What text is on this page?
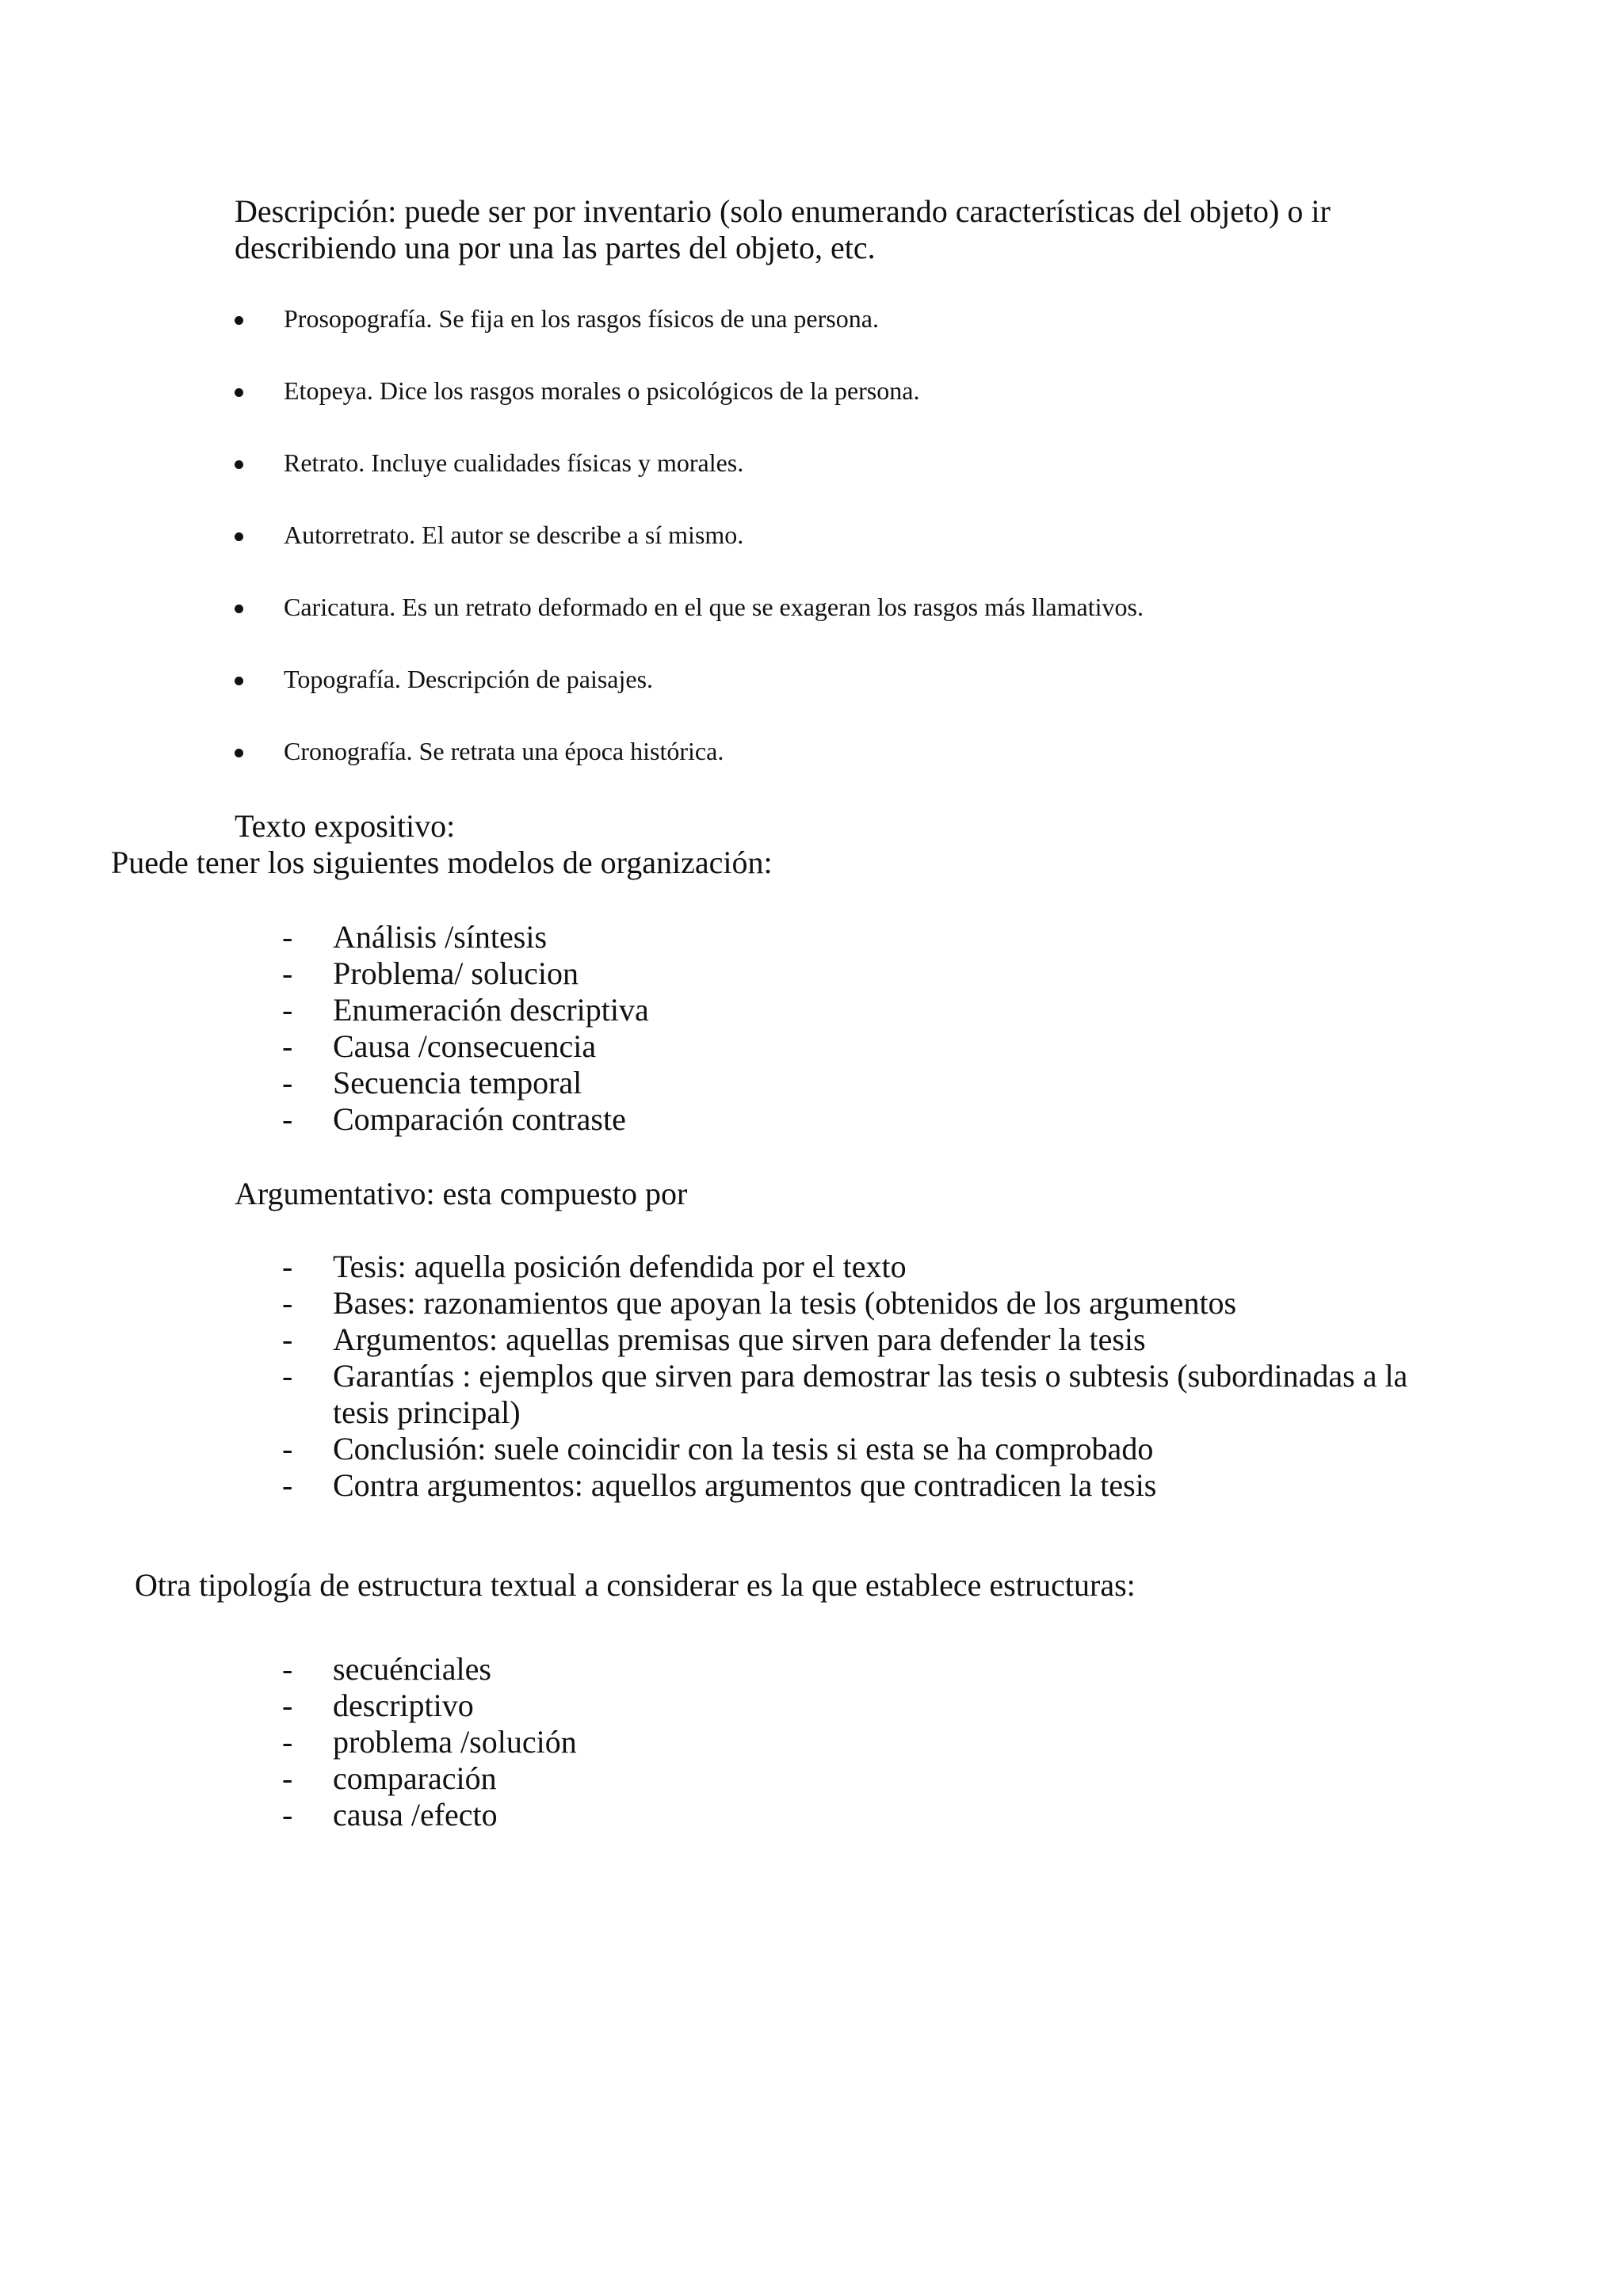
Descripción: puede ser por inventario (solo enumerando características del objeto) o ir
describiendo una por una las partes del objeto, etc.
Prosopografía. Se fija en los rasgos físicos de una persona.
Etopeya. Dice los rasgos morales o psicológicos de la persona.
Retrato. Incluye cualidades físicas y morales.
Autorretrato. El autor se describe a sí mismo.
Caricatura. Es un retrato deformado en el que se exageran los rasgos más llamativos.
Topografía. Descripción de paisajes.
Cronografía. Se retrata una época histórica.
Texto expositivo:
Puede tener los siguientes modelos de organización:
- Análisis /síntesis
- Problema/ solucion
- Enumeración descriptiva
- Causa /consecuencia
- Secuencia temporal
- Comparación contraste
Argumentativo: esta compuesto por
- Tesis: aquella posición defendida por el texto
- Bases: razonamientos que apoyan la tesis (obtenidos de los argumentos
- Argumentos: aquellas premisas que sirven para defender la tesis
- Garantías : ejemplos que sirven para demostrar las tesis o subtesis (subordinadas a la tesis principal)
- Conclusión: suele coincidir con la tesis si esta se ha comprobado
- Contra argumentos: aquellos argumentos que contradicen la tesis
Otra tipología de estructura textual a considerar es la que establece estructuras:
- secuénciales
- descriptivo
- problema /solución
- comparación
- causa /efecto
